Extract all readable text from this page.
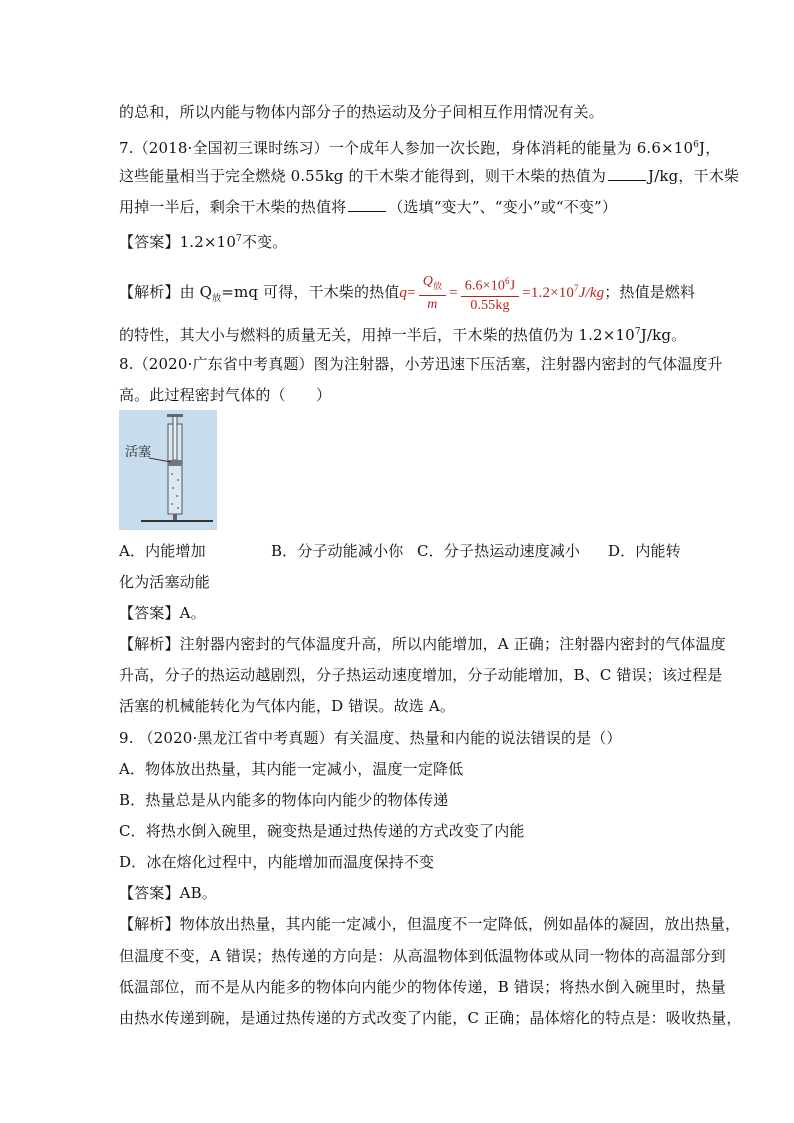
的总和，所以内能与物体内部分子的热运动及分子间相互作用情况有关。
7.（2018·全国初三课时练习）一个成年人参加一次长跑，身体消耗的能量为 $6.6\times 10^6J$，
这些能量相当于完全燃烧 0.55kg 的干木柴才能得到，则干木柴的热值为	J/kg，干木柴
用掉一半后，剩余干木柴的热值将	（选填“变大”、“变小”或“不变”）
【答案】$1.2\times 10^7$不变。
【解析】由 $Q_放=mq$ 可得，干木柴的热值$q= \frac{Q_放}{m} = \frac{6.6\times 10^6J}{0.55kg} =1.2\times 10^7J/kg$；热值是燃料
的特性，其大小与燃料的质量无关，用掉一半后，干木柴的热值仍为 $1.2\times 10^7J/kg$。
8.（2020·广东省中考真题）图为注射器，小芳迅速下压活塞，注射器内密封的气体温度升
高。此过程密封气体的（　　）
活塞
A．内能增加	B．分子动能减小你 C．分子热运动速度减小 D．内能转
化为活塞动能
【答案】A。
【解析】注射器内密封的气体温度升高，所以内能增加，A 正确；注射器内密封的气体温度
升高，分子的热运动越剧烈，分子热运动速度增加，分子动能增加，B、C 错误；该过程是
活塞的机械能转化为气体内能，D 错误。故选 A。
9. （2020·黑龙江省中考真题）有关温度、热量和内能的说法错误的是（）
A．物体放出热量，其内能一定减小，温度一定降低
B．热量总是从内能多的物体向内能少的物体传递
C．将热水倒入碗里，碗变热是通过热传递的方式改变了内能
D．冰在熔化过程中，内能增加而温度保持不变
【答案】AB。
【解析】物体放出热量，其内能一定减小，但温度不一定降低，例如晶体的凝固，放出热量，
但温度不变，A 错误；热传递的方向是：从高温物体到低温物体或从同一物体的高温部分到
低温部位，而不是从内能多的物体向内能少的物体传递，B 错误；将热水倒入碗里时，热量
由热水传递到碗，是通过热传递的方式改变了内能，C 正确；晶体熔化的特点是：吸收热量，
